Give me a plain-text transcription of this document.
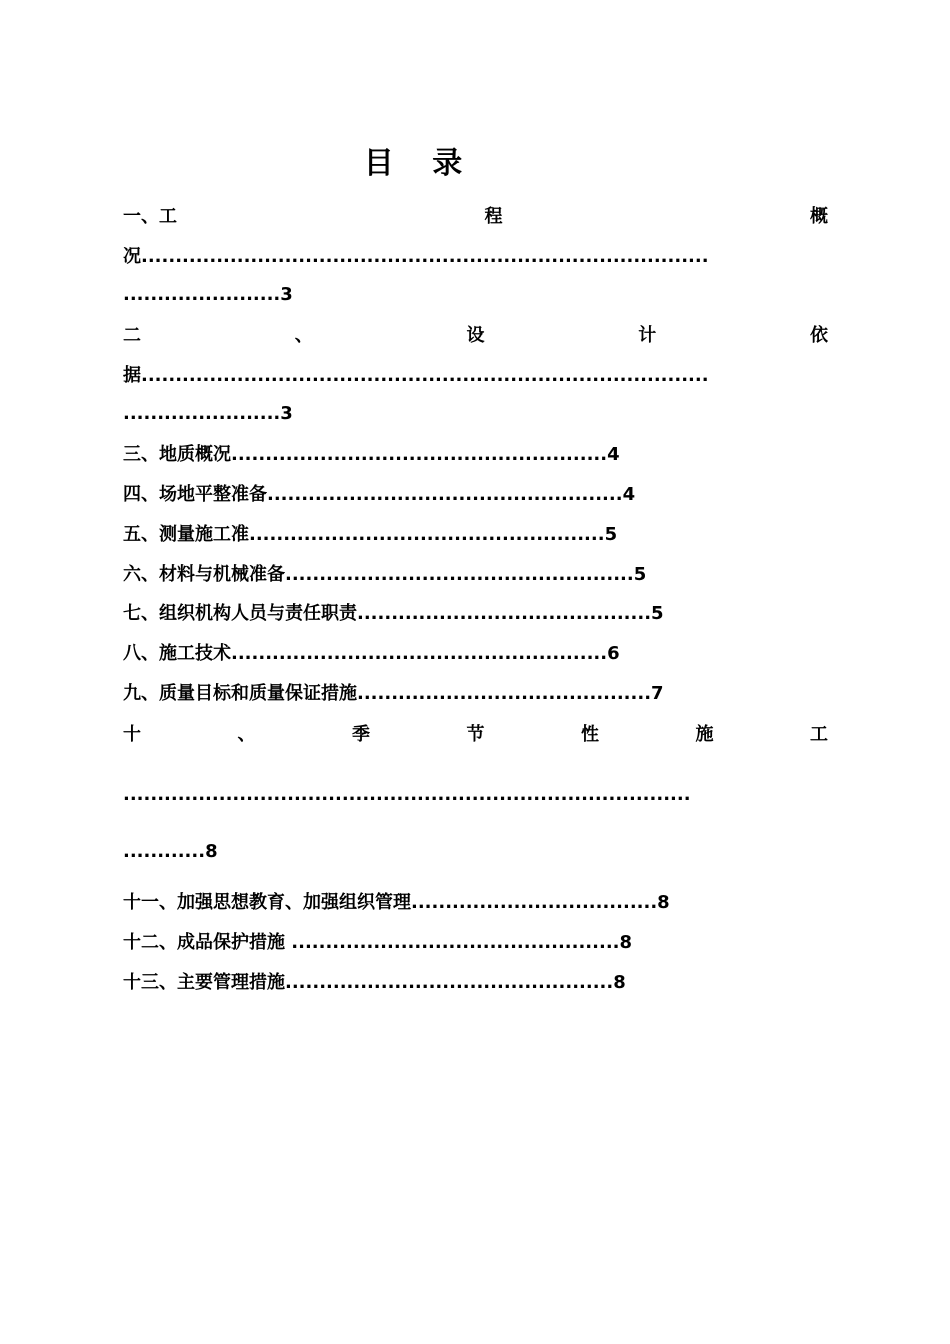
目 录
一、工	程	概
况...................................................................................
.......................3
二	、	设	计	依
据...................................................................................
.......................3
三、地质概况.......................................................4
四、场地平整准备....................................................4
五、测量施工准....................................................5
六、材料与机械准备...................................................5
七、组织机构人员与责任职责...........................................5
八、施工技术.......................................................6
九、质量目标和质量保证措施...........................................7
十	、	季	节	性	施	工
...................................................................................
............8
十一、加强思想教育、加强组织管理....................................8
十二、成品保护措施 ................................................8
十三、主要管理措施................................................8
